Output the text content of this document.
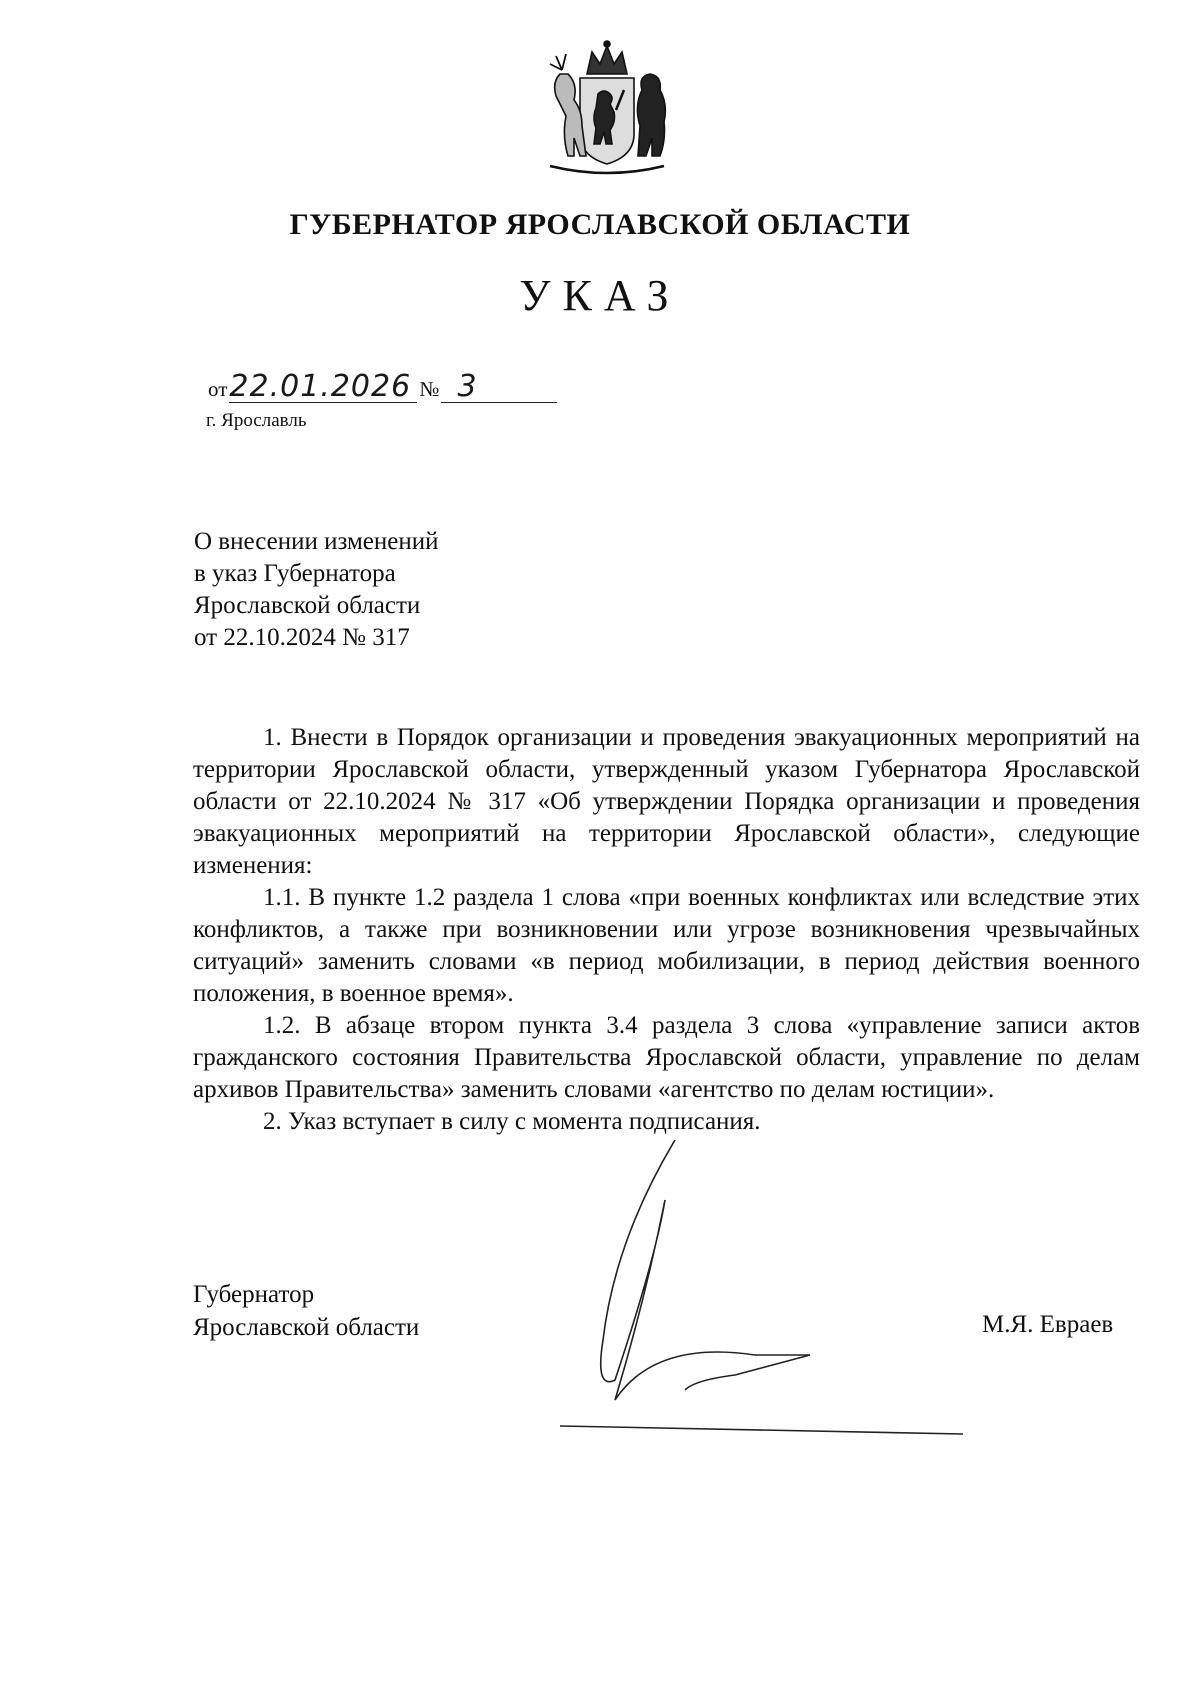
ГУБЕРНАТОР ЯРОСЛАВСКОЙ ОБЛАСТИ
УКАЗ
от22.01.2026 № 3
г. Ярославль
О внесении изменений
в указ Губернатора
Ярославской области
от 22.10.2024 № 317

1. Внести в Порядок организации и проведения эвакуационных мероприятий на территории Ярославской области, утвержденный указом Губернатора Ярославской области от 22.10.2024 № 317 «Об утверждении Порядка организации и проведения эвакуационных мероприятий на территории Ярославской области», следующие изменения:

1.1. В пункте 1.2 раздела 1 слова «при военных конфликтах или вследствие этих конфликтов, а также при возникновении или угрозе возникновения чрезвычайных ситуаций» заменить словами «в период мобилизации, в период действия военного положения, в военное время».

1.2. В абзаце втором пункта 3.4 раздела 3 слова «управление записи актов гражданского состояния Правительства Ярославской области, управление по делам архивов Правительства» заменить словами «агентство по делам юстиции».

2. Указ вступает в силу с момента подписания.

Губернатор
Ярославской области	М.Я. Евраев
